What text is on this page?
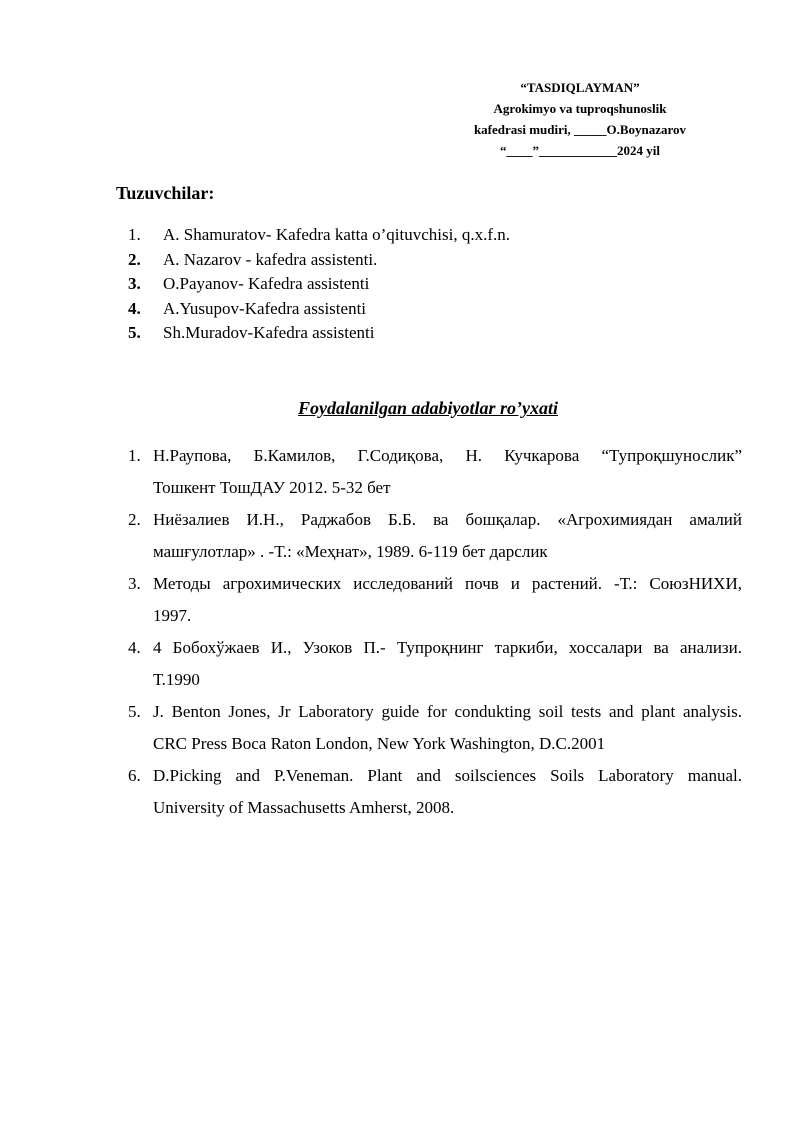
“TASDIQLAYMAN”
Agrokimyo va tuproqshunoslik
kafedrasi mudiri, _____O.Boynazarov
“____”____________2024 yil
Tuzuvchilar:
1.	A. Shamuratov- Kafedra katta o’qituvchisi, q.x.f.n.
2.	A. Nazarov - kafedra assistenti.
3.	O.Payanov- Kafedra assistenti
4.	A.Yusupov-Kafedra assistenti
5.	Sh.Muradov-Kafedra assistenti
Foydalanilgan adabiyotlar ro’yxati
1. Н.Раупова, Б.Камилов, Г.Содиқова, Н. Кучкарова “Тупроқшунослик”
Тошкент ТошДАУ 2012. 5-32 бет
2. Ниёзалиев И.Н., Раджабов Б.Б. ва бошқалар. «Агрохимиядан амалий
машғулотлар» . -Т.: «Меҳнат», 1989. 6-119 бет дарслик
3. Методы агрохимических исследований почв и растений. -Т.: СоюзНИХИ,
1997.
4. 4 Бобохўжаев И., Узоков П.- Тупроқнинг таркиби, хоссалари ва анализи.
Т.1990
5. J. Benton Jones, Jr Laboratory guide for condukting soil tests and plant analysis.
CRC Press Boca Raton London, New York Washington, D.C.2001
6. D.Picking and P.Veneman. Plant and soilsciences Soils Laboratory manual.
University of Massachusetts Amherst, 2008.
